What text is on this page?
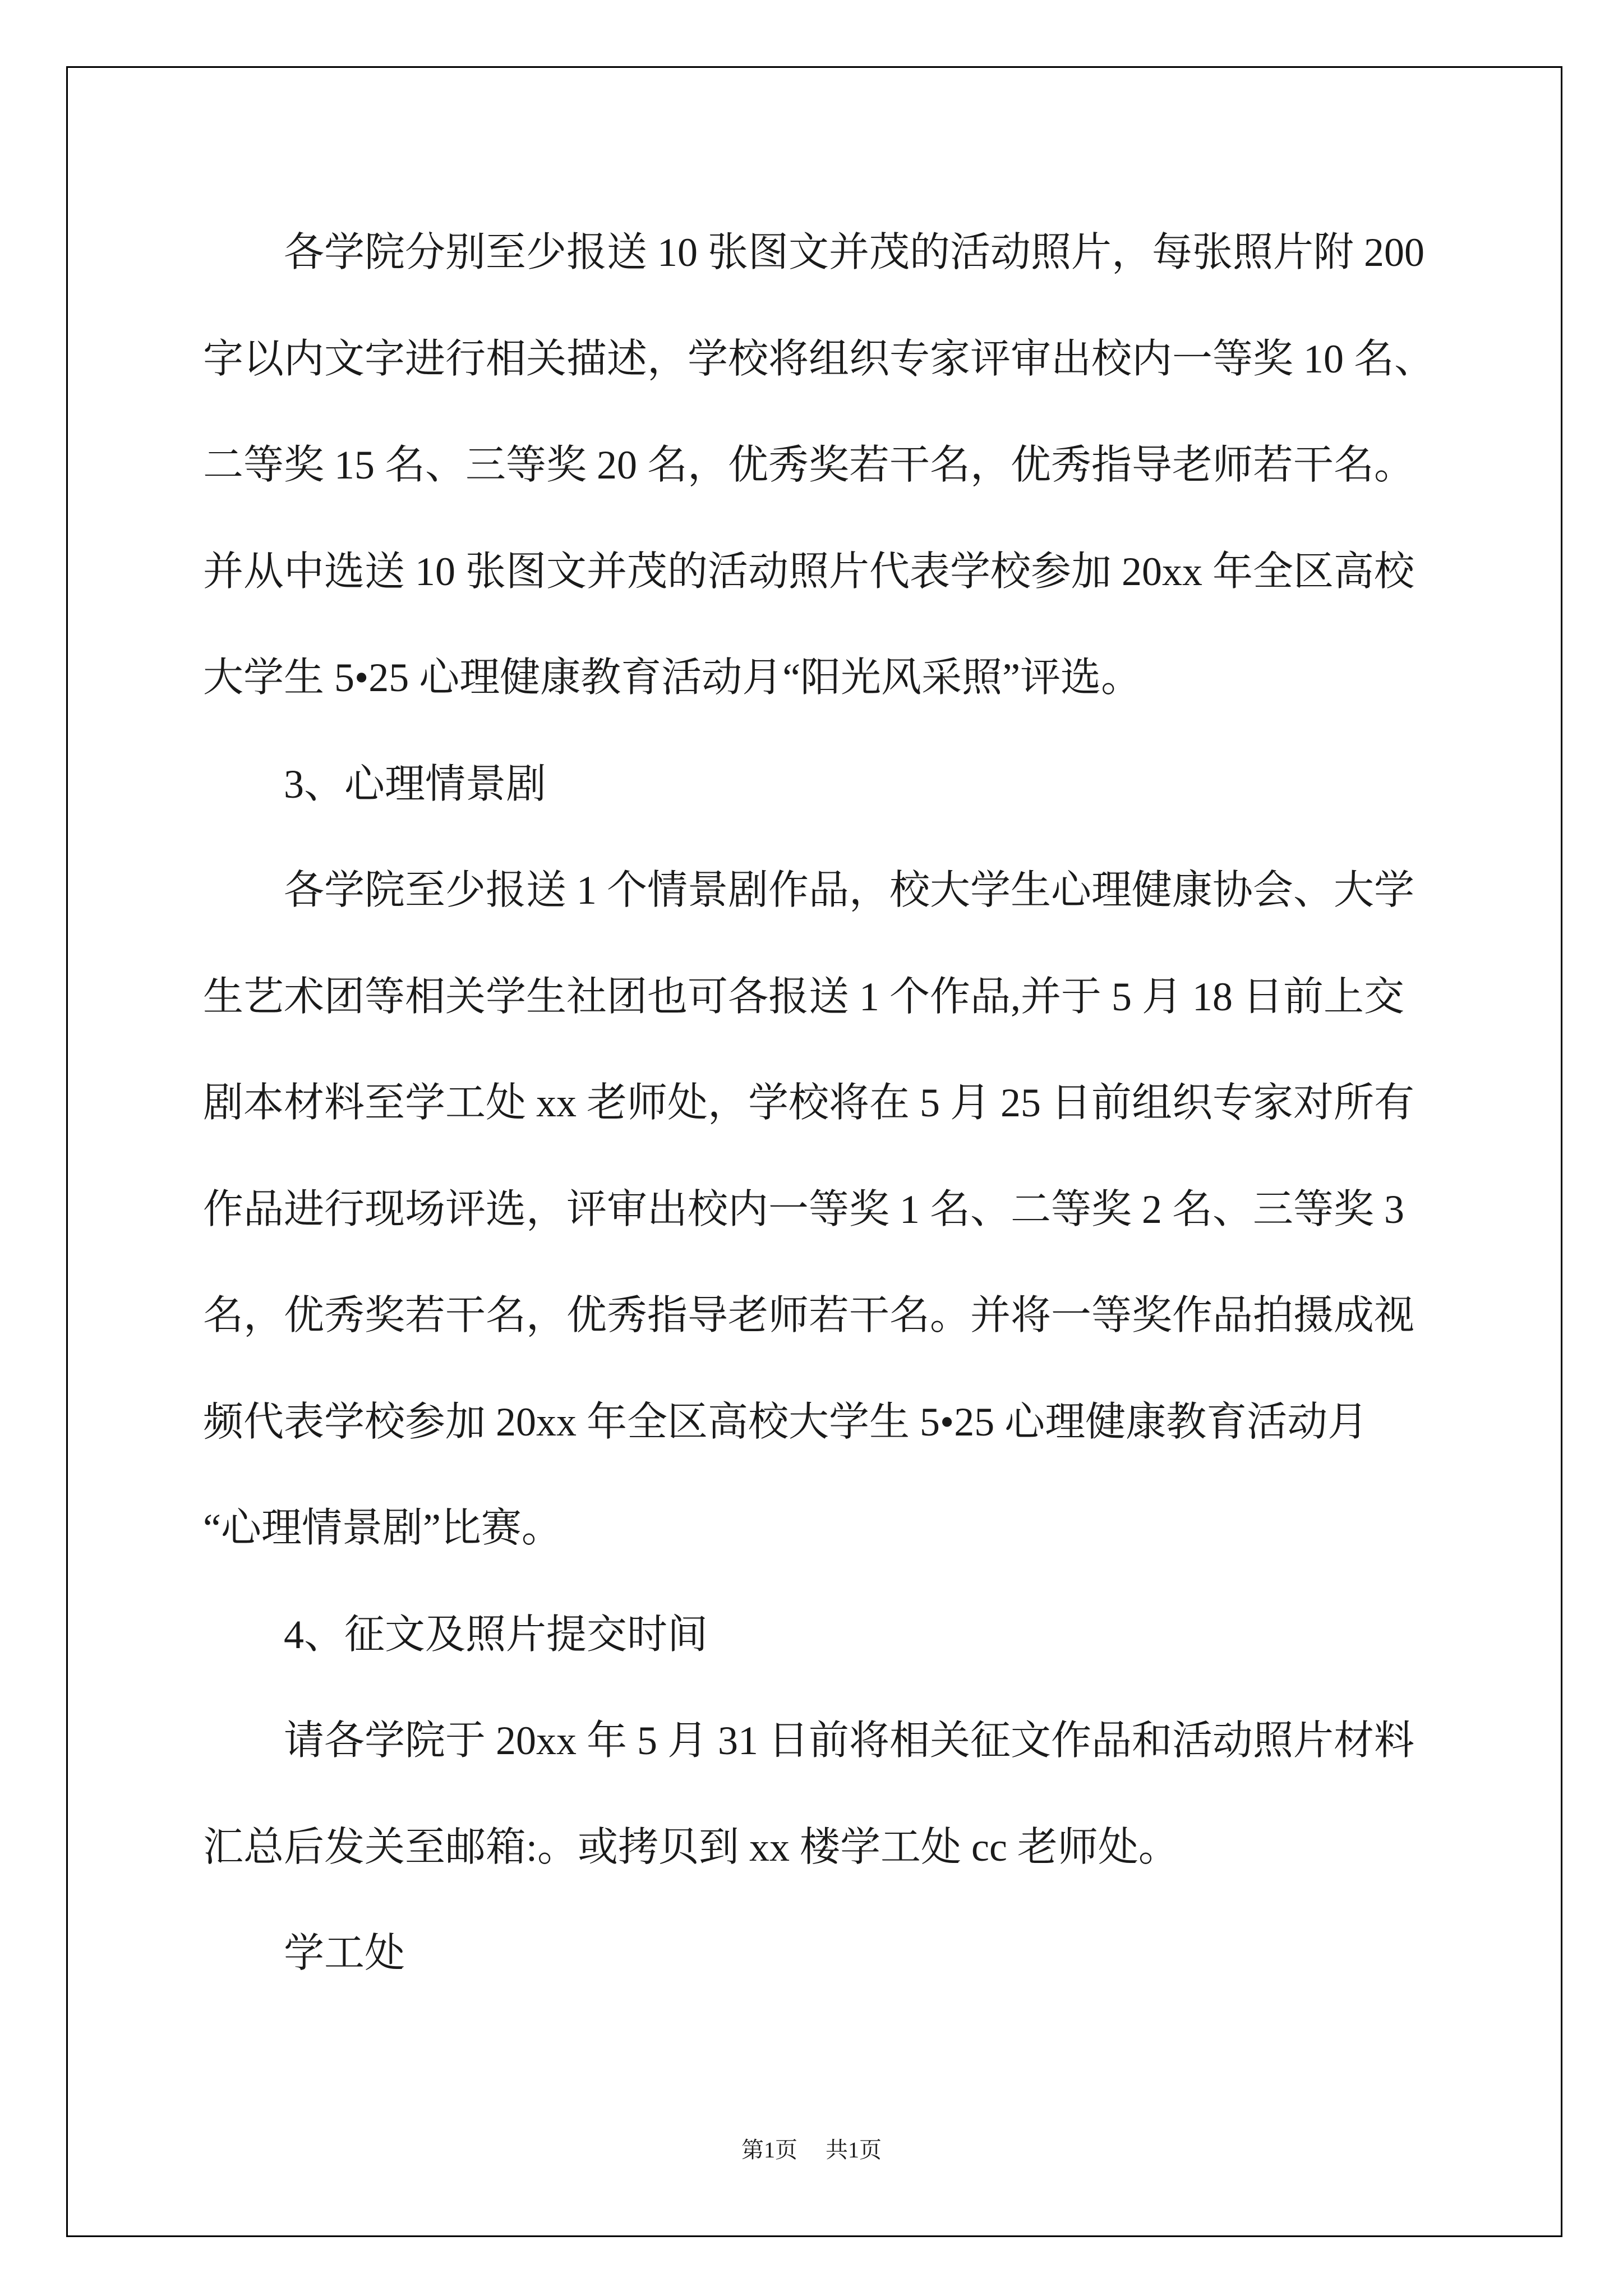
各学院分别至少报送 10 张图文并茂的活动照片，每张照片附 200
字以内文字进行相关描述，学校将组织专家评审出校内一等奖 10 名、
二等奖 15 名、三等奖 20 名，优秀奖若干名，优秀指导老师若干名。
并从中选送 10 张图文并茂的活动照片代表学校参加 20xx 年全区高校
大学生 5•25 心理健康教育活动月“阳光风采照”评选。
3、心理情景剧
各学院至少报送 1 个情景剧作品，校大学生心理健康协会、大学
生艺术团等相关学生社团也可各报送 1 个作品,并于 5 月 18 日前上交
剧本材料至学工处 xx 老师处，学校将在 5 月 25 日前组织专家对所有
作品进行现场评选，评审出校内一等奖 1 名、二等奖 2 名、三等奖 3
名，优秀奖若干名，优秀指导老师若干名。并将一等奖作品拍摄成视
频代表学校参加 20xx 年全区高校大学生 5•25 心理健康教育活动月
“心理情景剧”比赛。
4、征文及照片提交时间
请各学院于 20xx 年 5 月 31 日前将相关征文作品和活动照片材料
汇总后发关至邮箱:。或拷贝到 xx 楼学工处 cc 老师处。
学工处
第1页 共1页
